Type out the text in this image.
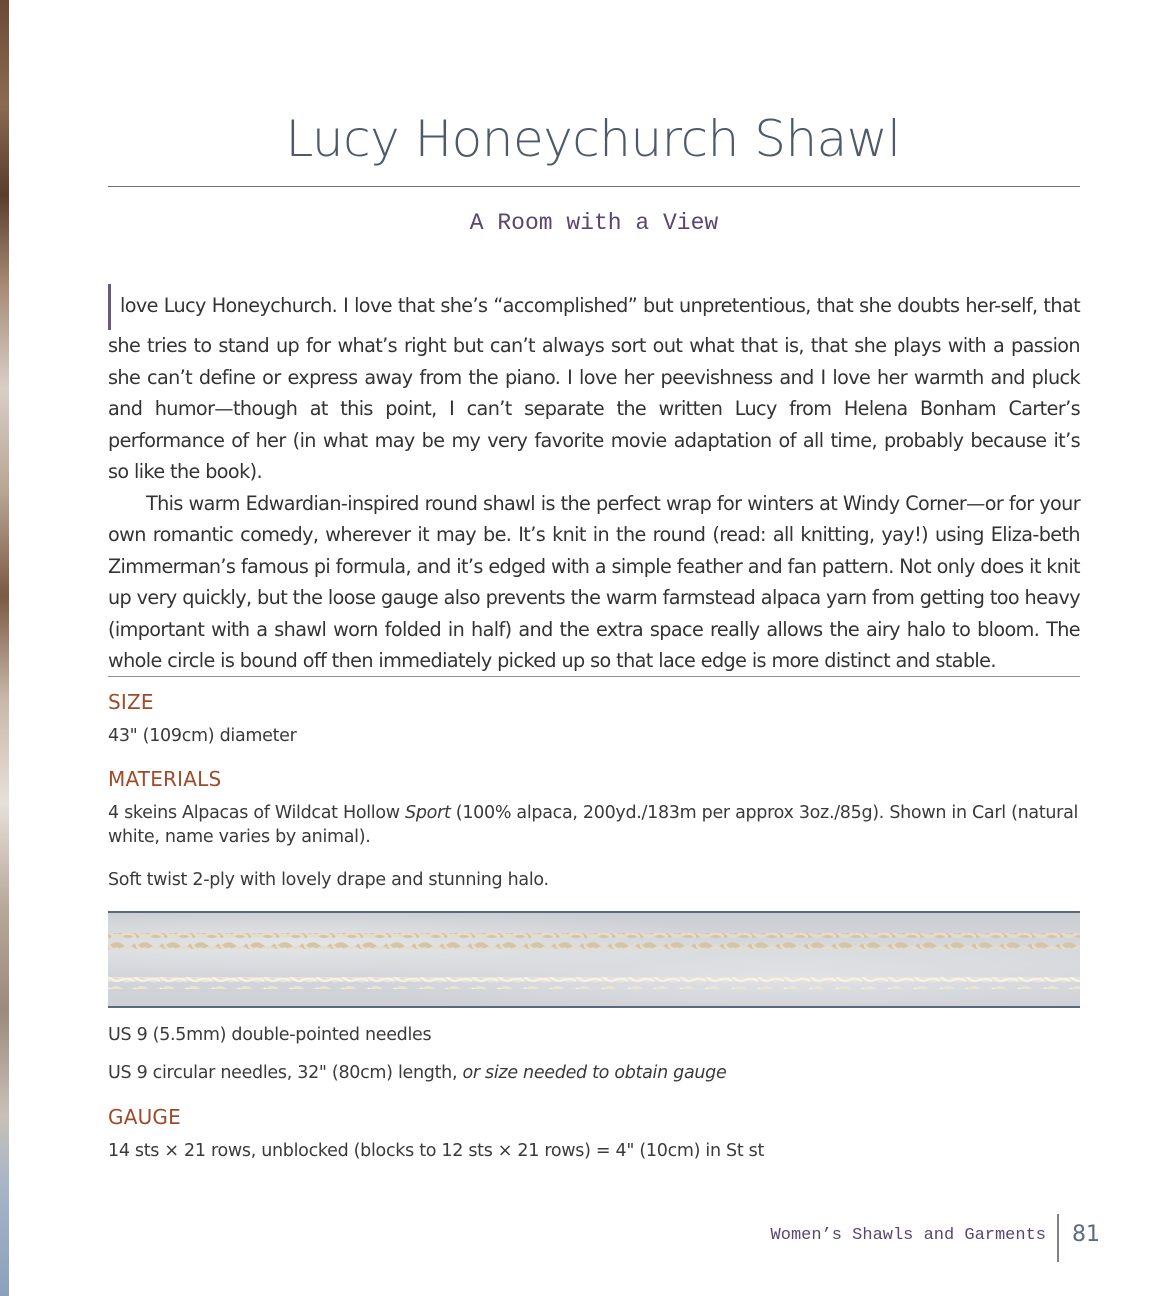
Lucy Honeychurch Shawl
A Room with a View

love Lucy Honeychurch. I love that she’s “accomplished” but unpretentious, that she doubts her-self, that she tries to stand up for what’s right but can’t always sort out what that is, that she plays with a passion she can’t define or express away from the piano. I love her peevishness and I love her warmth and pluck and humor—though at this point, I can’t separate the written Lucy from Helena Bonham Carter’s performance of her (in what may be my very favorite movie adaptation of all time, probably because it’s so like the book).

This warm Edwardian-inspired round shawl is the perfect wrap for winters at Windy Corner—or for your own romantic comedy, wherever it may be. It’s knit in the round (read: all knitting, yay!) using Eliza-beth Zimmerman’s famous pi formula, and it’s edged with a simple feather and fan pattern. Not only does it knit up very quickly, but the loose gauge also prevents the warm farmstead alpaca yarn from getting too heavy (important with a shawl worn folded in half) and the extra space really allows the airy halo to bloom. The whole circle is bound off then immediately picked up so that lace edge is more distinct and stable.

SIZE
43" (109cm) diameter
MATERIALS
4 skeins Alpacas of Wildcat Hollow Sport (100% alpaca, 200yd./183m per approx 3oz./85g). Shown in Carl (natural white, name varies by animal).
Soft twist 2-ply with lovely drape and stunning halo.
US 9 (5.5mm) double-pointed needles
US 9 circular needles, 32" (80cm) length, or size needed to obtain gauge
GAUGE
14 sts × 21 rows, unblocked (blocks to 12 sts × 21 rows) = 4" (10cm) in St st
Women’s Shawls and Garments 81
